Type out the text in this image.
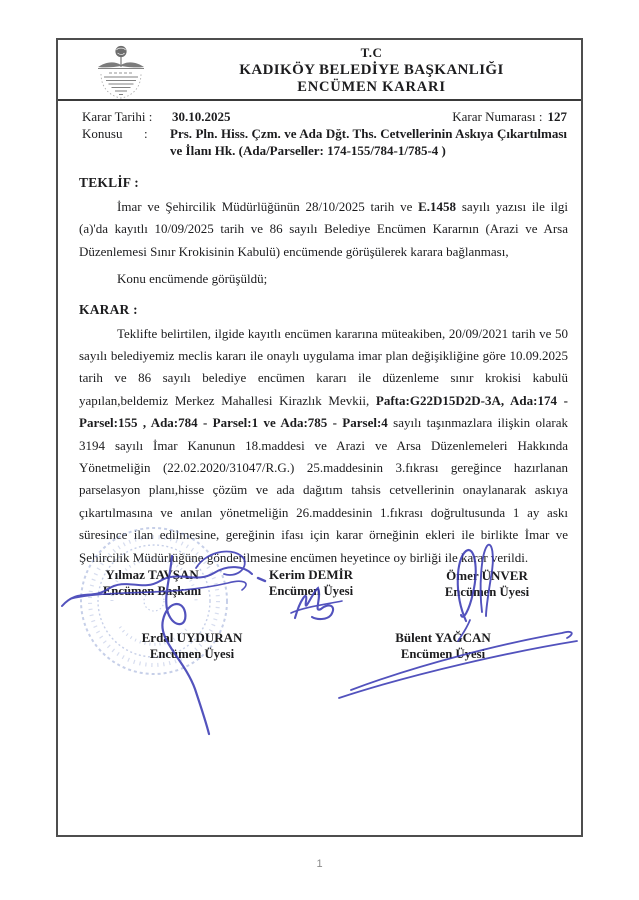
T.C
KADIKÖY BELEDİYE BAŞKANLIĞI
ENCÜMEN KARARI
Karar Tarihi :	30.10.2025	Karar Numarası : 127
Konusu	:	Prs. Pln. Hiss. Çzm. ve Ada Dğt. Ths. Cetvellerinin Askıya Çıkartılması ve İlanı Hk. (Ada/Parseller: 174-155/784-1/785-4 )
TEKLİF :

İmar ve Şehircilik Müdürlüğünün 28/10/2025 tarih ve E.1458 sayılı yazısı ile ilgi (a)'da kayıtlı 10/09/2025 tarih ve 86 sayılı Belediye Encümen Kararnın (Arazi ve Arsa Düzenlemesi Sınır Krokisinin Kabulü) encümende görüşülerek karara bağlanması,

Konu encümende görüşüldü;

KARAR :

Teklifte belirtilen, ilgide kayıtlı encümen kararına müteakiben, 20/09/2021 tarih ve 50 sayılı belediyemiz meclis kararı ile onaylı uygulama imar plan değişikliğine göre 10.09.2025 tarih ve 86 sayılı belediye encümen kararı ile düzenleme sınır krokisi kabulü yapılan,beldemiz Merkez Mahallesi Kirazlık Mevkii, Pafta:G22D15D2D-3A, Ada:174 - Parsel:155 , Ada:784 - Parsel:1 ve Ada:785 - Parsel:4 sayılı taşınmazlara ilişkin olarak 3194 sayılı İmar Kanunun 18.maddesi ve Arazi ve Arsa Düzenlemeleri Hakkında Yönetmeliğin (22.02.2020/31047/R.G.) 25.maddesinin 3.fıkrası gereğince hazırlanan parselasyon planı,hisse çözüm ve ada dağıtım tahsis cetvellerinin onaylanarak askıya çıkartılmasına ve anılan yönetmeliğin 26.maddesinin 1.fıkrası doğrultusunda 1 ay askı süresince ilan edilmesine, gereğinin ifası için karar örneğinin ekleri ile birlikte İmar ve Şehircilik Müdürlüğüne gönderilmesine encümen heyetince oy birliği ile karar verildi.

Yılmaz TAVŞAN
Encümen Başkanı
Kerim DEMİR
Encümen Üyesi
Ömer ÜNVER
Encümen Üyesi
Erdal UYDURAN
Encümen Üyesi
Bülent YAĞCAN
Encümen Üyesi
1
